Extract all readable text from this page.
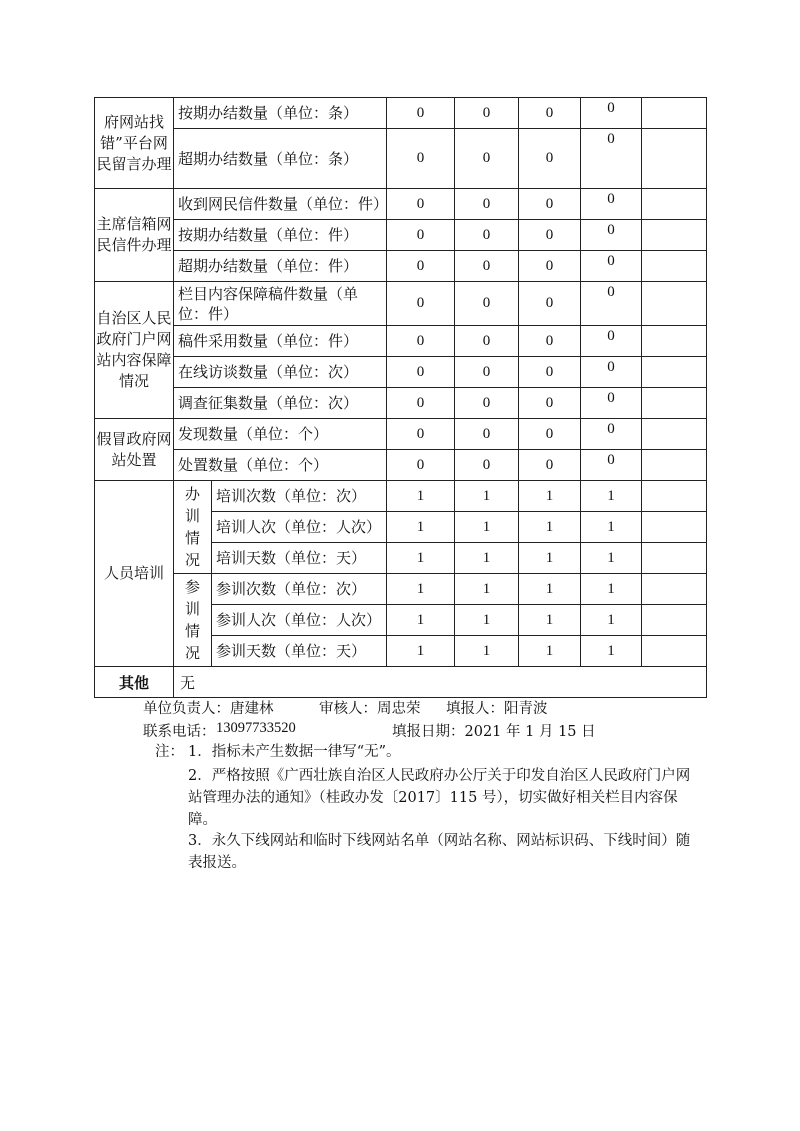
府网站找错”平台网民留言办理	按期办结数量（单位：条）		0	0	0	0	
	超期办结数量（单位：条）		0	0	0	0	
主席信箱网民信件办理	收到网民信件数量（单位：件）		0	0	0	0	
	按期办结数量（单位：件）		0	0	0	0	
	超期办结数量（单位：件）		0	0	0	0	
自治区人民政府门户网站内容保障情况	栏目内容保障稿件数量（单位：件）		0	0	0	0	
	稿件采用数量（单位：件）		0	0	0	0	
	在线访谈数量（单位：次）		0	0	0	0	
	调查征集数量（单位：次）		0	0	0	0	
假冒政府网站处置	发现数量（单位：个）		0	0	0	0	
	处置数量（单位：个）		0	0	0	0	
人员培训	办训情况	培训次数（单位：次）	1	1	1	1	
		培训人次（单位：人次）	1	1	1	1	
		培训天数（单位：天）	1	1	1	1	
	参训情况	参训次数（单位：次）	1	1	1	1	
		参训人次（单位：人次）	1	1	1	1	
		参训天数（单位：天）	1	1	1	1	
其他	无						
单位负责人：唐建林	审核人：周忠荣 填报人：阳青波
联系电话： 13097733520	填报日期：2021 年 1 月 15 日
注： 1．指标未产生数据一律写“无”。
2．严格按照《广西壮族自治区人民政府办公厅关于印发自治区人民政府门户网站管理办法的通知》（桂政办发〔2017〕115 号），切实做好相关栏目内容保障。
3．永久下线网站和临时下线网站名单（网站名称、网站标识码、下线时间）随表报送。
